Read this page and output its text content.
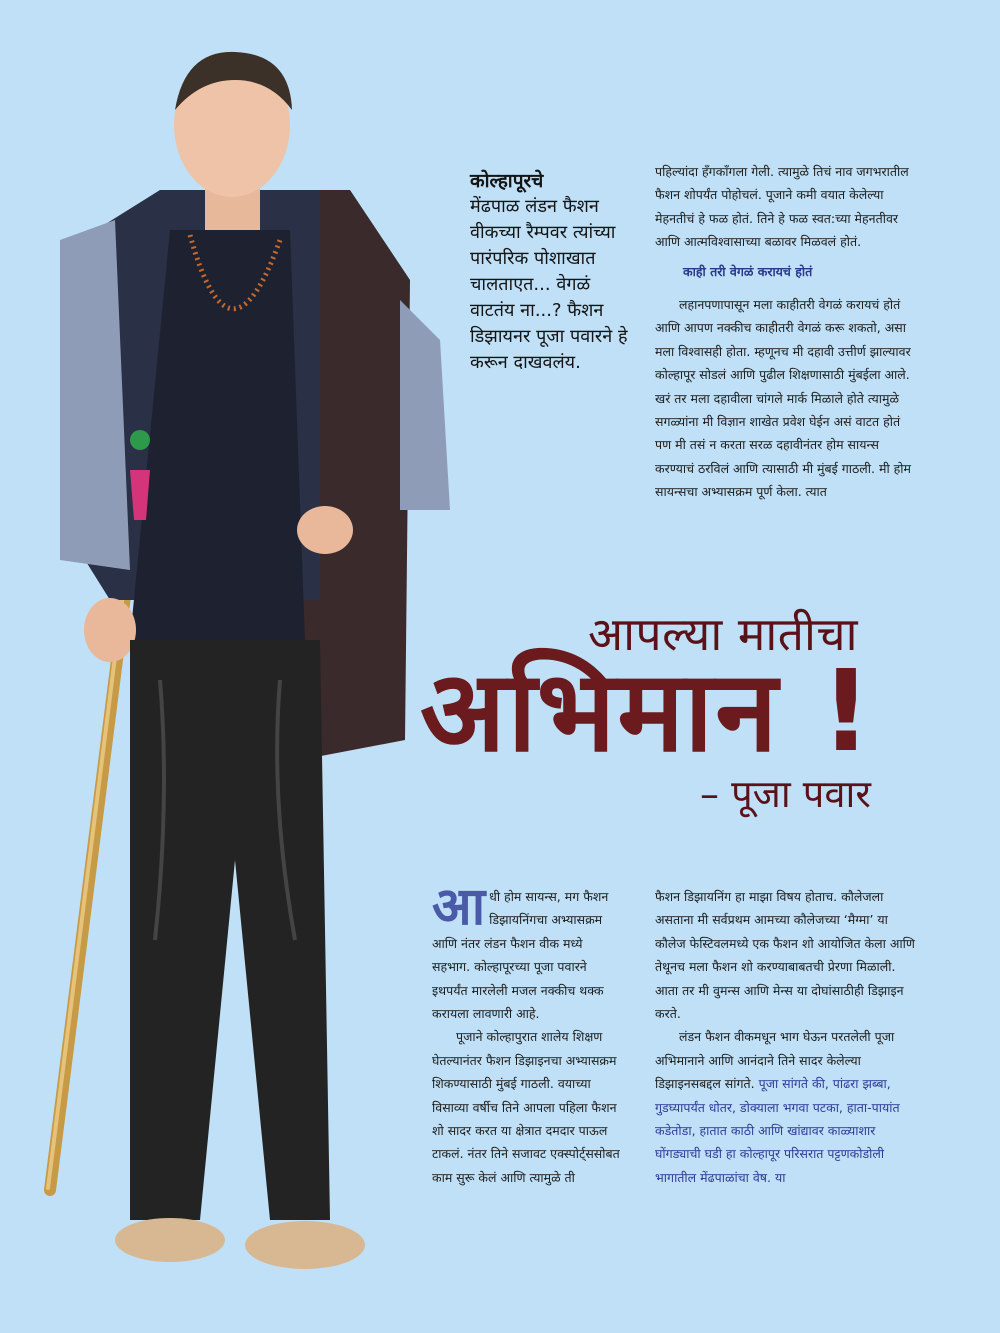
कोल्हापूरचे
मेंढपाळ लंडन फैशन वीकच्या रैम्पवर त्यांच्या पारंपरिक पोशाखात चालताएत... वेगळं वाटतंय ना...? फैशन डिझायनर पूजा पवारने हे करून दाखवलंय.

पहिल्यांदा हँगकाँगला गेली. त्यामुळे तिचं नाव जगभरातील फैशन शोपर्यंत पोहोचलं. पूजाने कमी वयात केलेल्या मेहनतीचं हे फळ होतं. तिने हे फळ स्वत:च्या मेहनतीवर आणि आत्मविश्वासाच्या बळावर मिळवलं होतं.

काही तरी वेगळं करायचं होतं

लहानपणापासून मला काहीतरी वेगळं करायचं होतं आणि आपण नक्कीच काहीतरी वेगळं करू शकतो, असा मला विश्वासही होता. म्हणूनच मी दहावी उत्तीर्ण झाल्यावर कोल्हापूर सोडलं आणि पुढील शिक्षणासाठी मुंबईला आले. खरं तर मला दहावीला चांगले मार्क मिळाले होते त्यामुळे सगळ्यांना मी विज्ञान शाखेत प्रवेश घेईन असं वाटत होतं पण मी तसं न करता सरळ दहावीनंतर होम सायन्स करण्याचं ठरविलं आणि त्यासाठी मी मुंबई गाठली. मी होम सायन्सचा अभ्यासक्रम पूर्ण केला. त्यात

आपल्या मातीचा
अभिमान !
– पूजा पवार

आधी होम सायन्स, मग फैशन डिझायनिंगचा अभ्यासक्रम आणि नंतर लंडन फैशन वीक मध्ये सहभाग. कोल्हापूरच्या पूजा पवारने इथपर्यंत मारलेली मजल नक्कीच थक्क करायला लावणारी आहे.

पूजाने कोल्हापुरात शालेय शिक्षण घेतल्यानंतर फैशन डिझाइनचा अभ्यासक्रम शिकण्यासाठी मुंबई गाठली. वयाच्या विसाव्या वर्षीच तिने आपला पहिला फैशन शो सादर करत या क्षेत्रात दमदार पाऊल टाकलं. नंतर तिने सजावट एक्स्पोर्ट्ससोबत काम सुरू केलं आणि त्यामुळे ती

फैशन डिझायनिंग हा माझा विषय होताच. कौलेजला असताना मी सर्वप्रथम आमच्या कौलेजच्या ‘मैग्मा’ या कौलेज फेस्टिवलमध्ये एक फैशन शो आयोजित केला आणि तेथूनच मला फैशन शो करण्याबाबतची प्रेरणा मिळाली. आता तर मी वुमन्स आणि मेन्स या दोघांसाठीही डिझाइन करते.

लंडन फैशन वीकमधून भाग घेऊन परतलेली पूजा अभिमानाने आणि आनंदाने तिने सादर केलेल्या डिझाइनसबद्दल सांगते. पूजा सांगते की, पांढरा झब्बा, गुडघ्यापर्यंत धोतर, डोक्याला भगवा पटका, हाता-पायांत कडेतोडा, हातात काठी आणि खांद्यावर काळ्याशार घोंगड्याची घडी हा कोल्हापूर परिसरात पट्टणकोडोली भागातील मेंढपाळांचा वेष. या
